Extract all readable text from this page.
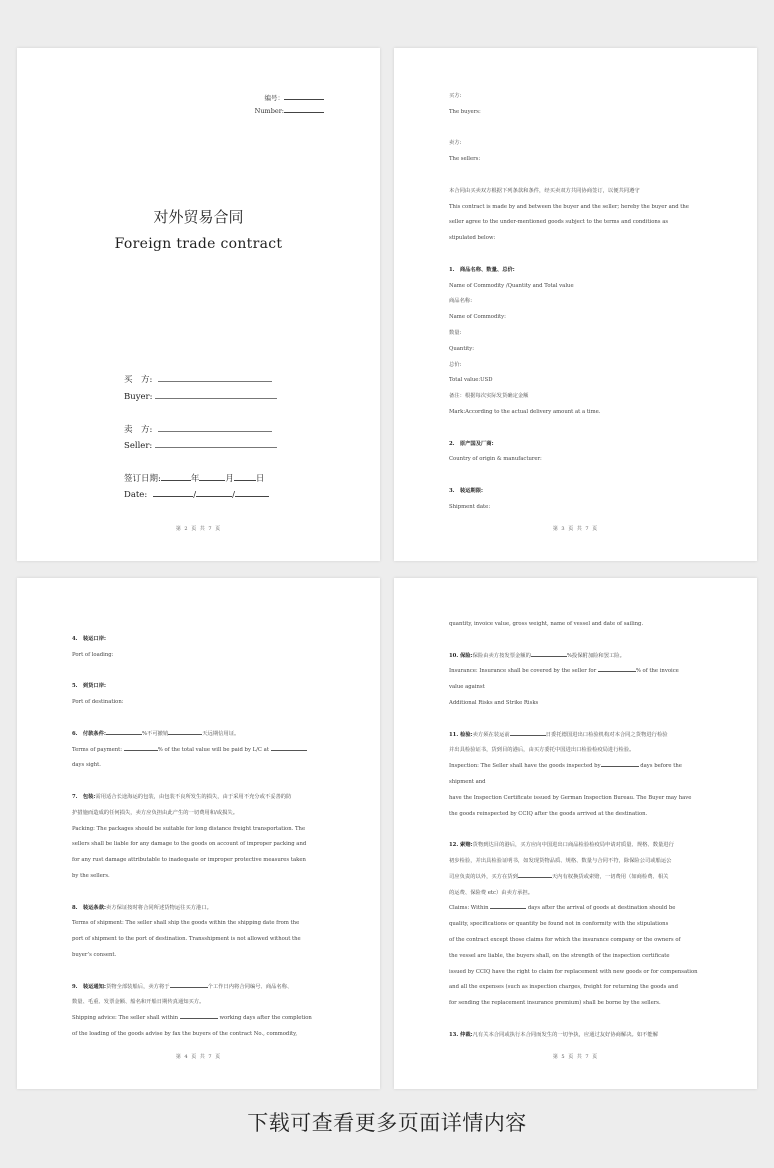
编号：
Number:
对外贸易合同
Foreign trade contract
买　方:
Buyer:
卖　方:
Seller:
签订日期:	年	月	日
Date:	/	/
第 2 页 共 7 页

买方:

The buyers:

卖方:

The sellers:

本合同由买卖双方根据下列条款和条件，经买卖双方共同协商签订，以便共同遵守

This contract is made by and between the buyer and the seller; hereby the buyer and the

seller agree to the under-mentioned goods subject to the terms and conditions as

stipulated below:

1.　商品名称、数量、总价:

Name of Commodity /Quantity and Total value

商品名称:

Name of Commodity:

数量:

Quantity:

总价:

Total value:USD

备注：根据每次实际发货确定金额

Mark:According to the actual delivery amount at a time.

2.　原产国及厂商:

Country of origin & manufacturer:

3.　装运期限:

Shipment date:

第 3 页 共 7 页

4.　装运口岸:

Port of loading:

5.　到货口岸:

Port of destination:

6.　付款条件:	%不可撤销	天远期信用证。

Terms of payment:	% of the total value will be paid by L/C at

days sight.

7.　包装:需用适合长途海运的包装，由包装不良所发生的损失，由于采用不充分或不妥善的防

护措施而造成的任何损失，卖方应负担由此产生的一切费用和/或损失。

Packing: The packages should be suitable for long distance freight transportation. The

sellers shall be liable for any damage to the goods on account of improper packing and

for any rust damage attributable to inadequate or improper protective measures taken

by the sellers.

8.　装运条款:卖方保证按时将合同所述货物运往买方港口。

Terms of shipment: The seller shall ship the goods within the shipping date from the

port of shipment to the port of destination. Transshipment is not allowed without the

buyer’s consent.

9.　装运通知:货物全部装船后，卖方将于	个工作日内将合同编号、商品名称、

数量、毛重、发票金额、船名和开船日期传真通知买方。

Shipping advice: The seller shall within	working days after the completion

of the loading of the goods advise by fax the buyers of the contract No., commodity,

第 4 页 共 7 页

quantity, invoice value, gross weight, name of vessel and date of sailing.

10. 保险:保险由卖方按发票金额的	%投保附加险和罢工险。

Insurance: Insurance shall be covered by the seller for	% of the invoice

value against

Additional Risks and Strike Risks

11. 检验:卖方须在装运前	日委托德国进出口检验机构对本合同之货物进行检验

并出具检验证书，货到目的港后，由买方委托中国进出口检验检疫局进行检验。

Inspection: The Seller shall have the goods inspected by	days before the

shipment and

have the Inspection Certificate issued by German Inspection Bureau. The Buyer may have

the goods reinspected by CCIQ after the goods arrived at the destination.

12. 索赔:货物到达目的港后，买方应向中国进出口商品检验检疫局申请对质量、规格、数量进行

初步检验，并出具检验证明书，如发现货物品质、规格、数量与合同不符，除保险公司或船运公

司应负责的以外，买方在货到	天内有权换货或索赔，一切费用（如商检费、相关

的运费、保险费 etc）由卖方承担。

Claims: Within	days after the arrival of goods at destination should be

quality, specifications or quantity be found not in conformity with the stipulations

of the contract except those claims for which the insurance company or the owners of

the vessel are liable, the buyers shall, on the strength of the inspection certificate

issued by CCIQ have the right to claim for replacement with new goods or for compensation

and all the expenses (such as inspection charges, freight for returning the goods and

for sending the replacement insurance premium) shall be borne by the sellers.

13. 仲裁:凡有关本合同或执行本合同而发生的一切争执，应通过友好协商解决。如不能解

第 5 页 共 7 页
下载可查看更多页面详情内容
